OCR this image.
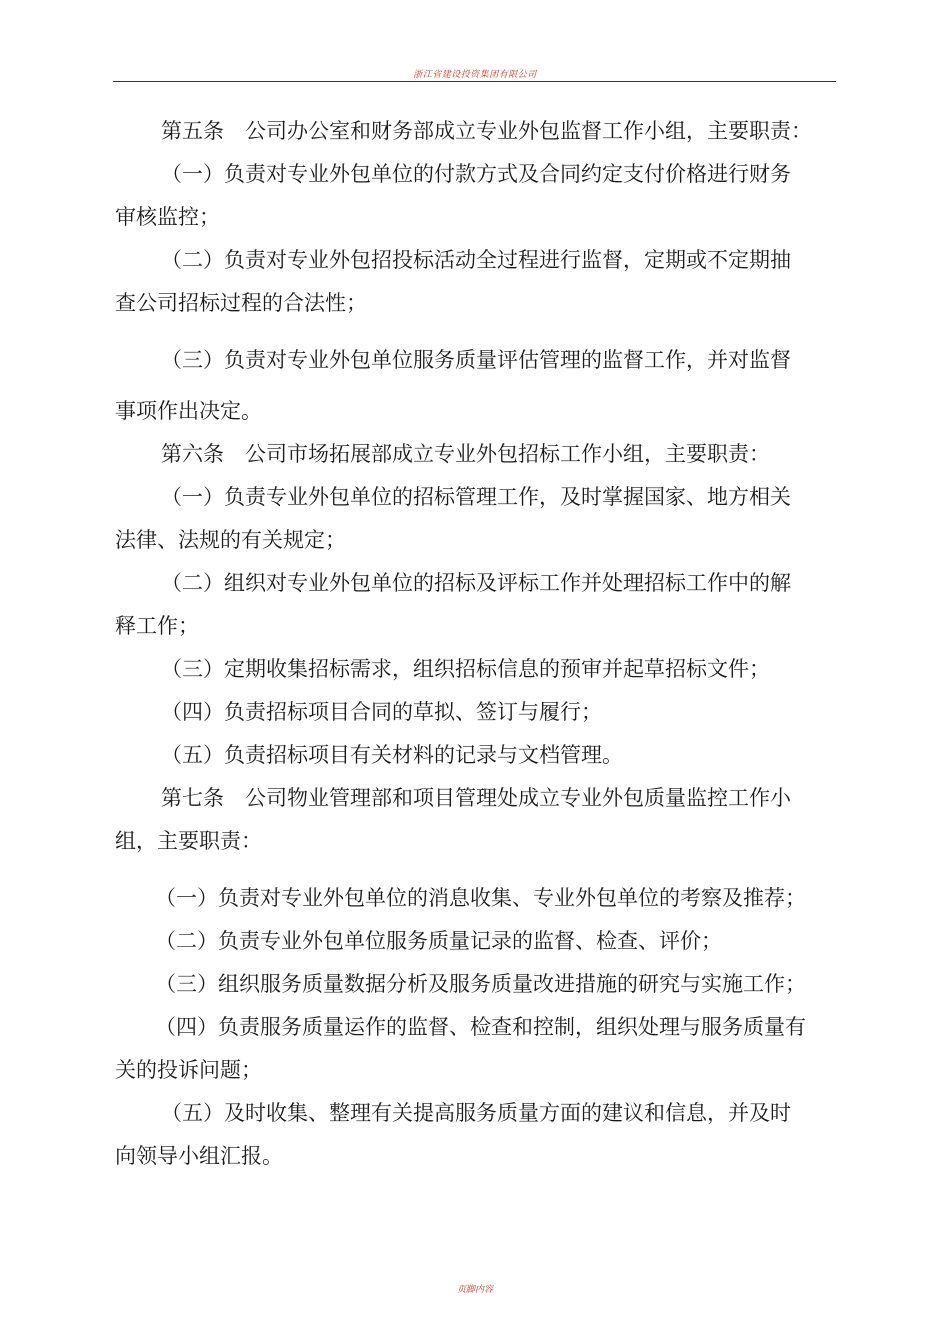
浙江省建设投资集团有限公司
第五条　公司办公室和财务部成立专业外包监督工作小组，主要职责：
（一）负责对专业外包单位的付款方式及合同约定支付价格进行财务
审核监控；
（二）负责对专业外包招投标活动全过程进行监督，定期或不定期抽
查公司招标过程的合法性；
（三）负责对专业外包单位服务质量评估管理的监督工作，并对监督
事项作出决定。
第六条　公司市场拓展部成立专业外包招标工作小组，主要职责：
（一）负责专业外包单位的招标管理工作，及时掌握国家、地方相关
法律、法规的有关规定；
（二）组织对专业外包单位的招标及评标工作并处理招标工作中的解
释工作；
（三）定期收集招标需求，组织招标信息的预审并起草招标文件；
（四）负责招标项目合同的草拟、签订与履行；
（五）负责招标项目有关材料的记录与文档管理。
第七条　公司物业管理部和项目管理处成立专业外包质量监控工作小
组，主要职责：
（一）负责对专业外包单位的消息收集、专业外包单位的考察及推荐；
（二）负责专业外包单位服务质量记录的监督、检查、评价；
（三）组织服务质量数据分析及服务质量改进措施的研究与实施工作；
（四）负责服务质量运作的监督、检查和控制，组织处理与服务质量有
关的投诉问题；
（五）及时收集、整理有关提高服务质量方面的建议和信息，并及时
向领导小组汇报。
页脚内容
